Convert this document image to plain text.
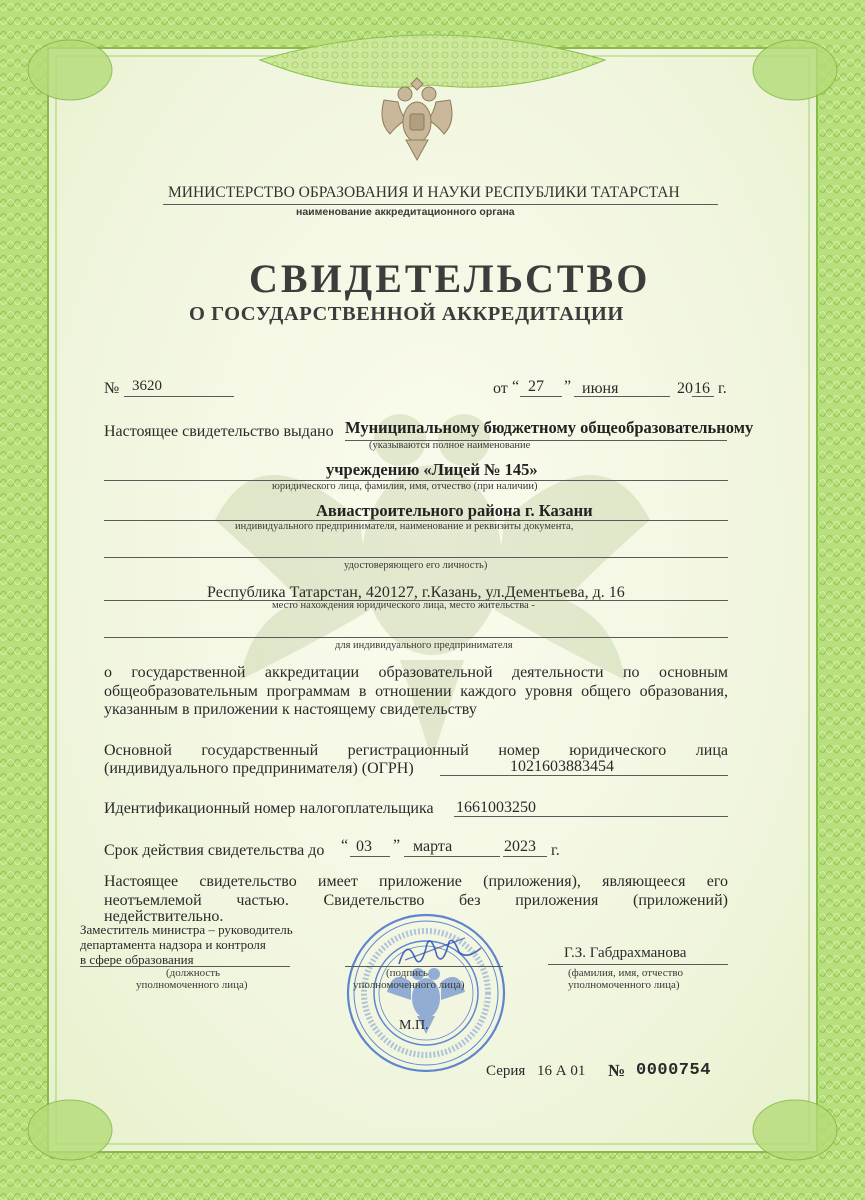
МИНИСТЕРСТВО ОБРАЗОВАНИЯ И НАУКИ РЕСПУБЛИКИ ТАТАРСТАН
наименование аккредитационного органа
СВИДЕТЕЛЬСТВО
О ГОСУДАРСТВЕННОЙ АККРЕДИТАЦИИ
№ 3620	от “ 27 ” июня	20 16 г.
Настоящее свидетельство выдано Муниципальному бюджетному общеобразовательному
(указываются полное наименование
учреждению «Лицей № 145»
юридического лица, фамилия, имя, отчество (при наличии)
Авиастроительного района г. Казани
индивидуального предпринимателя, наименование и реквизиты документа,
удостоверяющего его личность)
Республика Татарстан, 420127, г.Казань, ул.Дементьева, д. 16
место нахождения юридического лица, место жительства -
для индивидуального предпринимателя
о государственной аккредитации образовательной деятельности по основным
общеобразовательным программам в отношении каждого уровня общего образования,
указанным в приложении к настоящему свидетельству
Основной государственный регистрационный номер юридического лица
(индивидуального предпринимателя) (ОГРН)	1021603883454
Идентификационный номер налогоплательщика 1661003250
Срок действия свидетельства до “ 03 ” марта	2023 г.
Настоящее свидетельство имеет приложение (приложения), являющееся его
неотъемлемой частью. Свидетельство без приложения (приложений)
недействительно.
Заместитель министра – руководитель
департамента надзора и контроля
в сфере образования
(должность
уполномоченного лица)
(подпись
уполномоченного лица)
Г.З. Габдрахманова
(фамилия, имя, отчество
уполномоченного лица)
М.П.
Серия 16 А 01 № 0000754
